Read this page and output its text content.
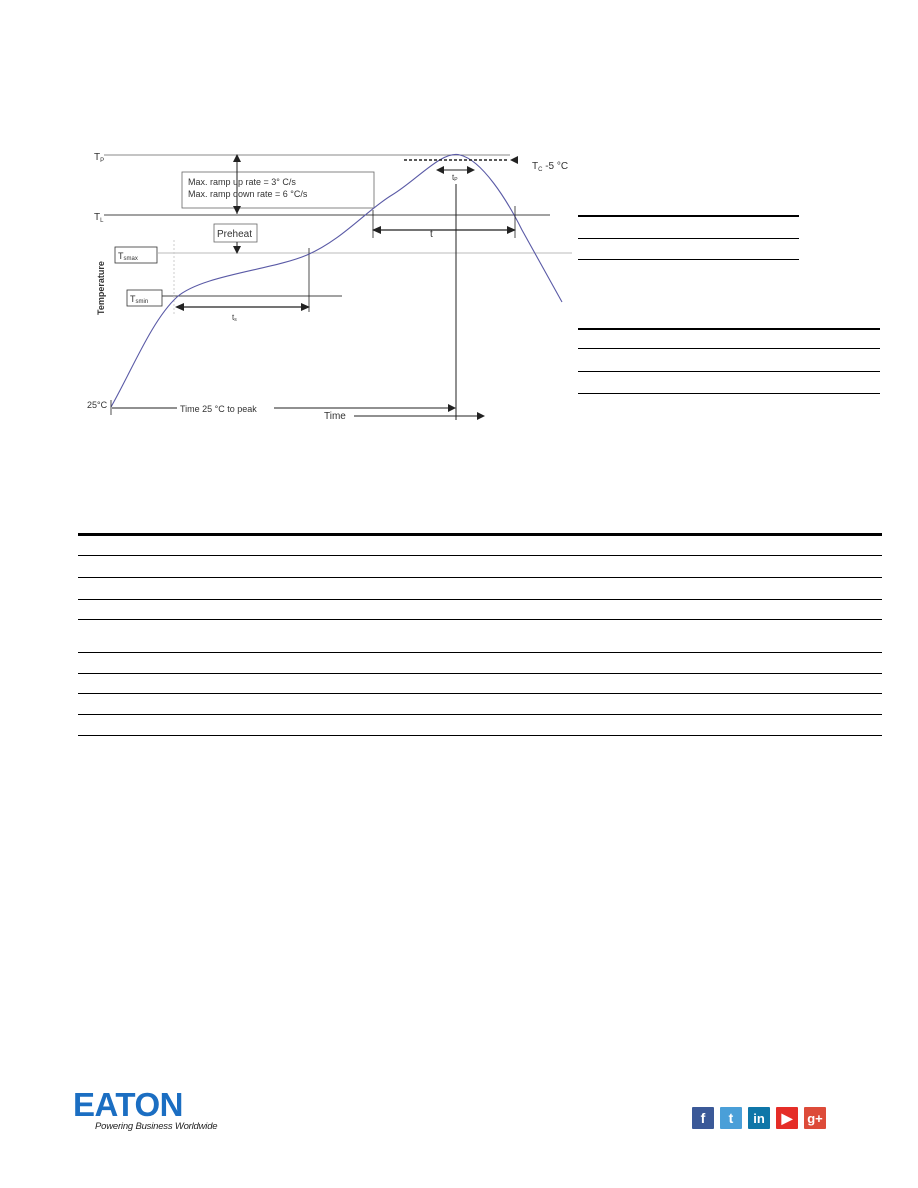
$T_P$
$T_L$
Tsmax
Tsmin
Max. ramp up rate = 3° C/s
Max. ramp down rate = 6 °C/s
Preheat
ts
Temperature
t
$T_C$ -5 °C
tP
Time 25 °C to peak
25°C
Time
EATON
Powering Business Worldwide
f	t	in	▶	g+
